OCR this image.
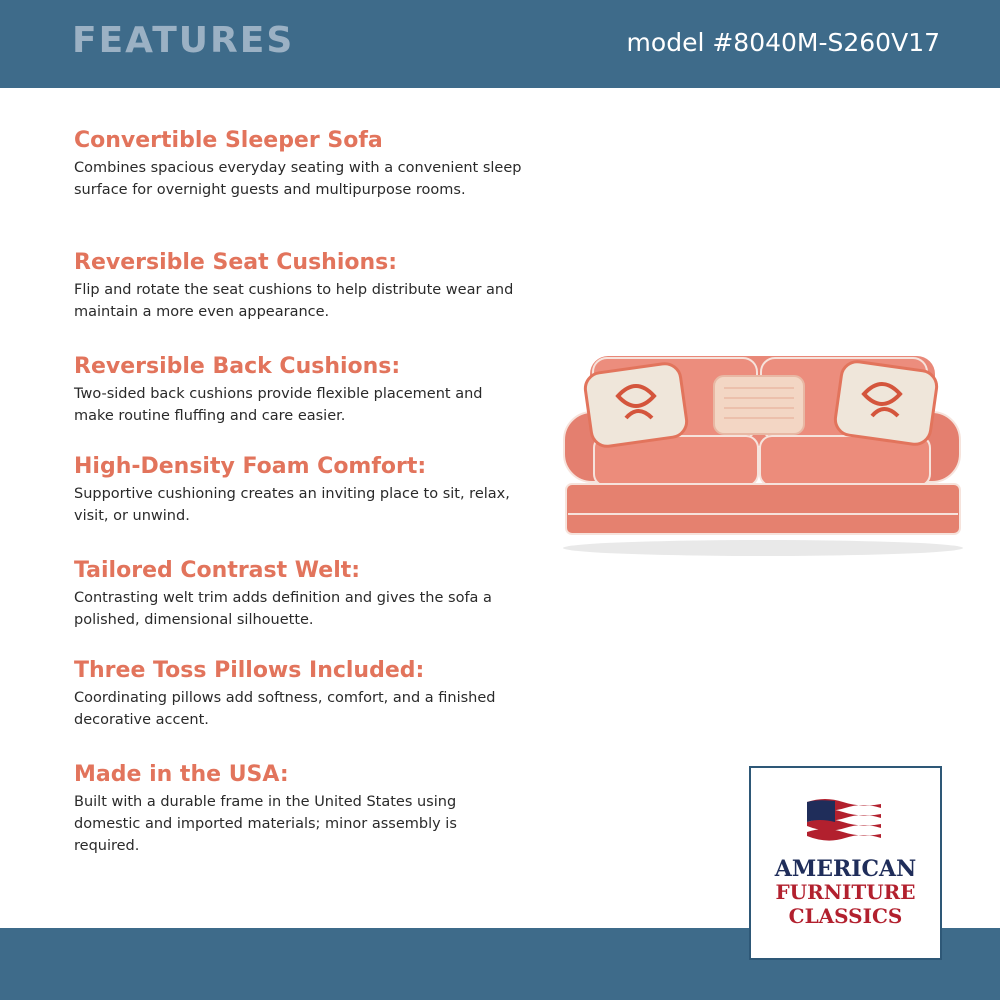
FEATURES	model #8040M-S260V17
Convertible Sleeper Sofa
Combines spacious everyday seating with a convenient sleep surface for overnight guests and multipurpose rooms.
Reversible Seat Cushions:
Flip and rotate the seat cushions to help distribute wear and maintain a more even appearance.
Reversible Back Cushions:
Two-sided back cushions provide flexible placement and make routine fluffing and care easier.
High-Density Foam Comfort:
Supportive cushioning creates an inviting place to sit, relax, visit, or unwind.
Tailored Contrast Welt:
Contrasting welt trim adds definition and gives the sofa a polished, dimensional silhouette.
Three Toss Pillows Included:
Coordinating pillows add softness, comfort, and a finished decorative accent.
Made in the USA:
Built with a durable frame in the United States using domestic and imported materials; minor assembly is required.
AMERICAN
FURNITURE
CLASSICS
